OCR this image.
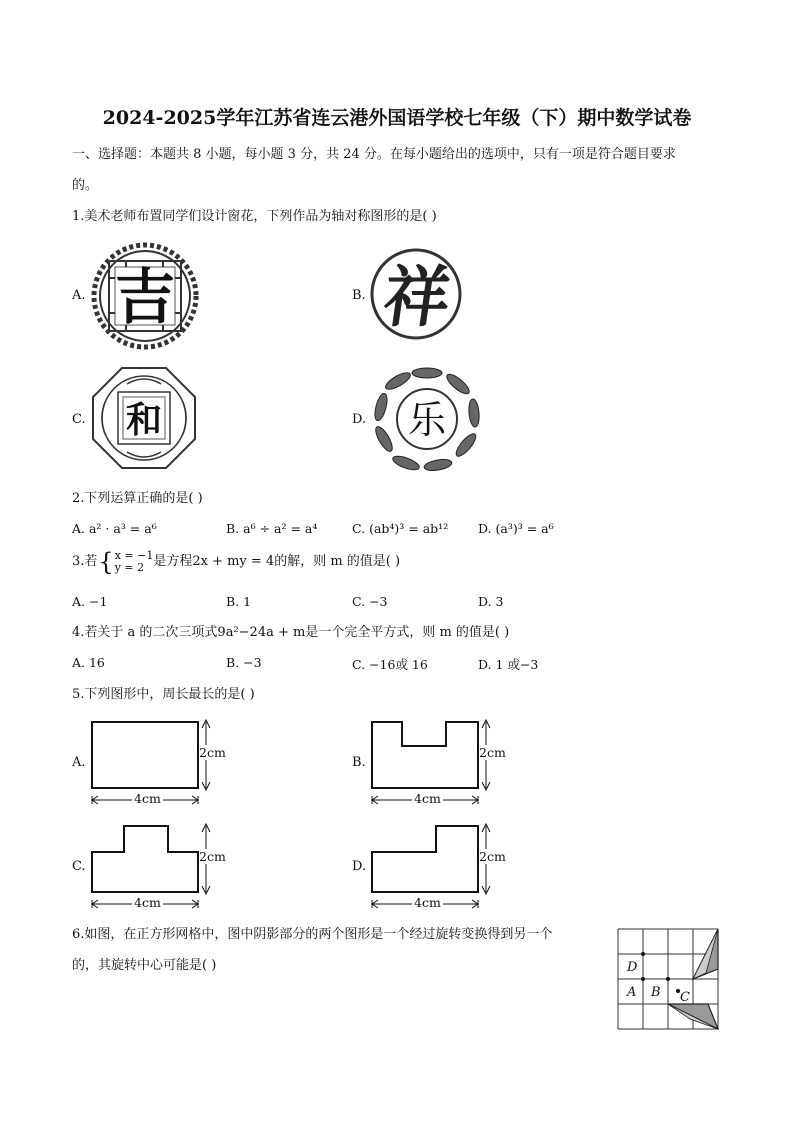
2024-2025学年江苏省连云港外国语学校七年级（下）期中数学试卷
一、选择题：本题共 8 小题，每小题 3 分，共 24 分。在每小题给出的选项中，只有一项是符合题目要求
的。
1.美术老师布置同学们设计窗花，下列作品为轴对称图形的是( )
A. 吉	B. 祥
C. 和	D. 乐
2.下列运算正确的是( )
A. a² · a³ = a⁶	B. a⁶ ÷ a² = a⁴	C. (ab⁴)³ = ab¹² D. (a³)³ = a⁶
3.若 { x = −1
y = 2 是方程2x + my = 4的解，则 m 的值是( )
A. −1	B. 1	C. −3	D. 3
4.若关于 a 的二次三项式9a²−24a + m是一个完全平方式，则 m 的值是( )
A. 16	B. −3	C. −16或 16	D. 1 或−3
5.下列图形中，周长最长的是( )
A.
2cm
4cm
B.
2cm
4cm
C.
2cm
4cm
D.
2cm
4cm
6.如图，在正方形网格中，图中阴影部分的两个图形是一个经过旋转变换得到另一个
的，其旋转中心可能是( )	D
A B C
